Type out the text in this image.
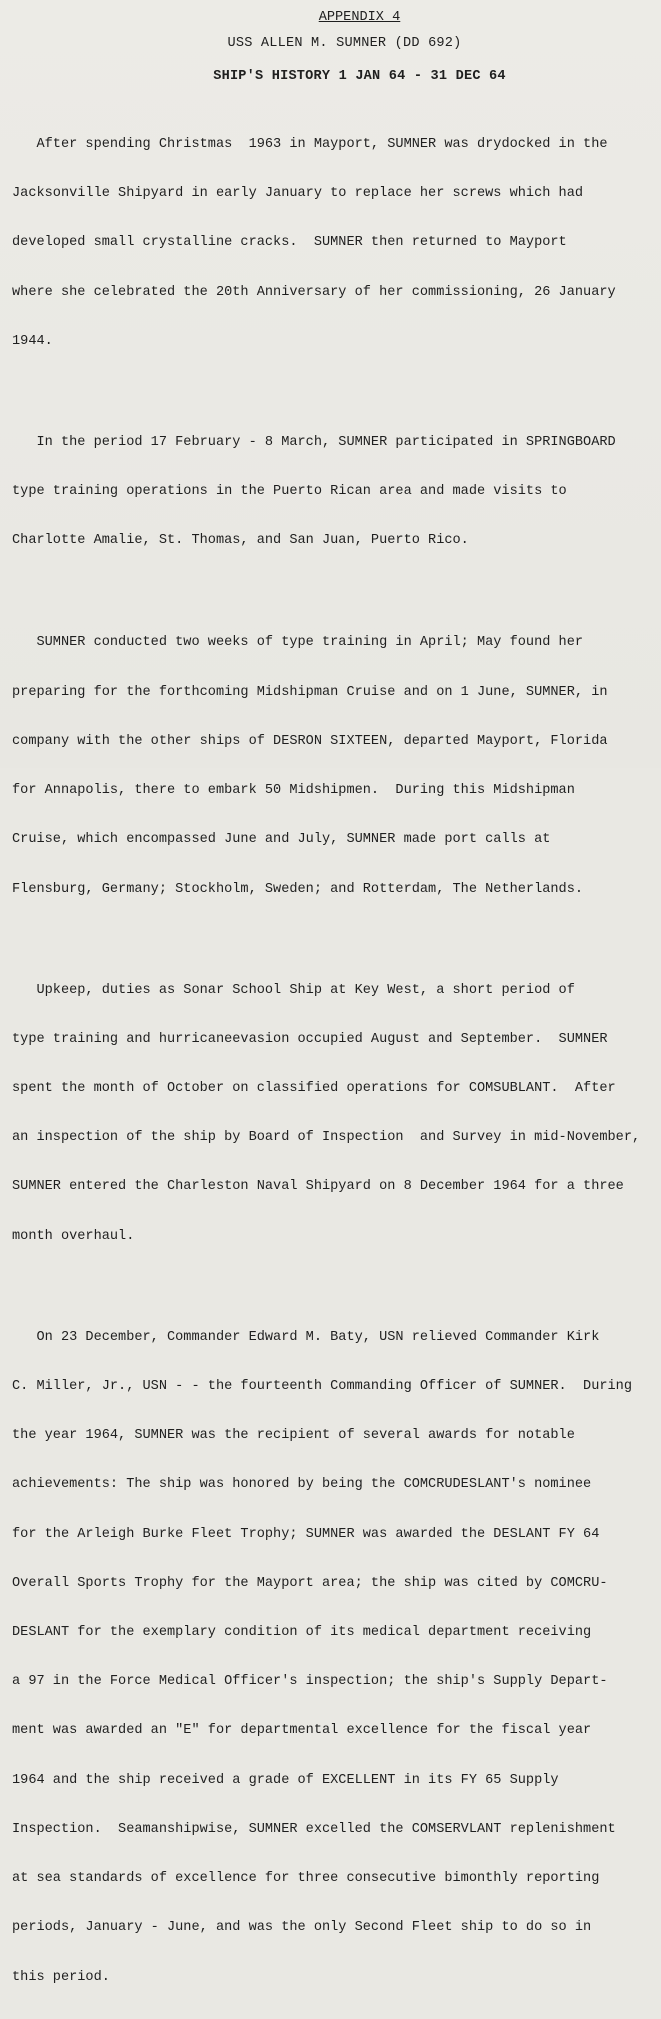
APPENDIX 4
USS ALLEN M. SUMNER (DD 692)
SHIP'S HISTORY 1 JAN 64 - 31 DEC 64

After spending Christmas  1963 in Mayport, SUMNER was drydocked in the

Jacksonville Shipyard in early January to replace her screws which had

developed small crystalline cracks.  SUMNER then returned to Mayport

where she celebrated the 20th Anniversary of her commissioning, 26 January

1944.

In the period 17 February - 8 March, SUMNER participated in SPRINGBOARD

type training operations in the Puerto Rican area and made visits to

Charlotte Amalie, St. Thomas, and San Juan, Puerto Rico.

SUMNER conducted two weeks of type training in April; May found her

preparing for the forthcoming Midshipman Cruise and on 1 June, SUMNER, in

company with the other ships of DESRON SIXTEEN, departed Mayport, Florida

for Annapolis, there to embark 50 Midshipmen.  During this Midshipman

Cruise, which encompassed June and July, SUMNER made port calls at

Flensburg, Germany; Stockholm, Sweden; and Rotterdam, The Netherlands.

Upkeep, duties as Sonar School Ship at Key West, a short period of

type training and hurricaneevasion occupied August and September.  SUMNER

spent the month of October on classified operations for COMSUBLANT.  After

an inspection of the ship by Board of Inspection  and Survey in mid-November,

SUMNER entered the Charleston Naval Shipyard on 8 December 1964 for a three

month overhaul.

On 23 December, Commander Edward M. Baty, USN relieved Commander Kirk

C. Miller, Jr., USN - - the fourteenth Commanding Officer of SUMNER.  During

the year 1964, SUMNER was the recipient of several awards for notable

achievements: The ship was honored by being the COMCRUDESLANT's nominee

for the Arleigh Burke Fleet Trophy; SUMNER was awarded the DESLANT FY 64

Overall Sports Trophy for the Mayport area; the ship was cited by COMCRU-

DESLANT for the exemplary condition of its medical department receiving

a 97 in the Force Medical Officer's inspection; the ship's Supply Depart-

ment was awarded an "E" for departmental excellence for the fiscal year

1964 and the ship received a grade of EXCELLENT in its FY 65 Supply

Inspection.  Seamanshipwise, SUMNER excelled the COMSERVLANT replenishment

at sea standards of excellence for three consecutive bimonthly reporting

periods, January - June, and was the only Second Fleet ship to do so in

this period.
